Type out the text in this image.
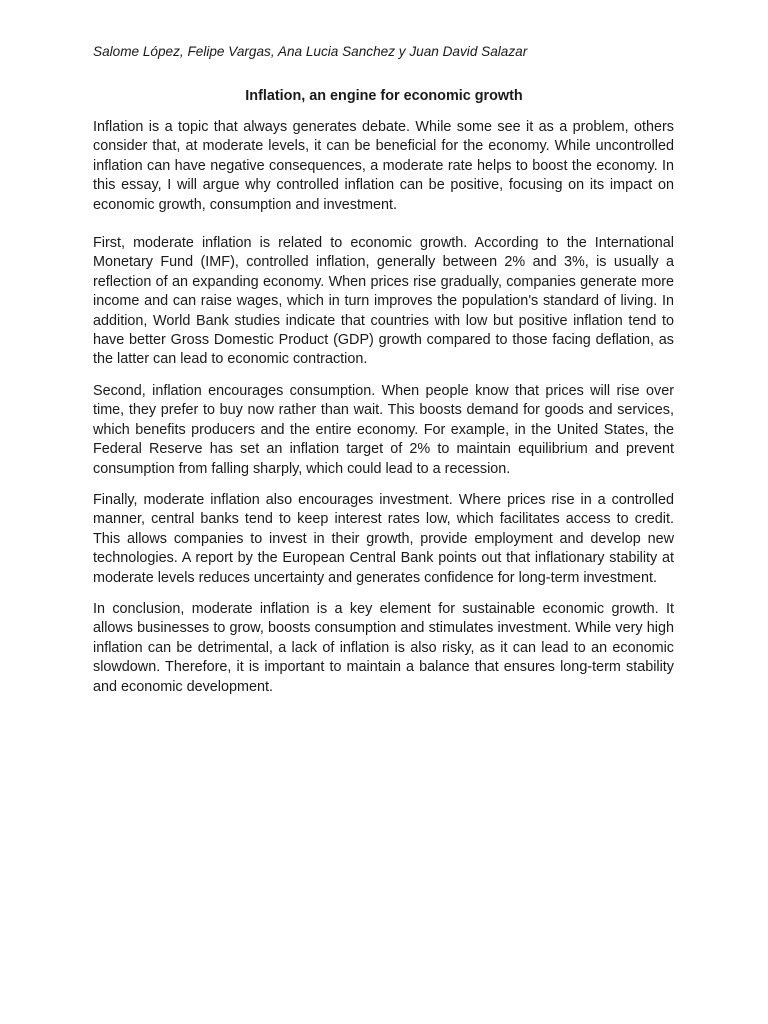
Salome López, Felipe Vargas, Ana Lucia Sanchez y Juan David Salazar
Inflation, an engine for economic growth

Inflation is a topic that always generates debate. While some see it as a problem, others consider that, at moderate levels, it can be beneficial for the economy. While uncontrolled inflation can have negative consequences, a moderate rate helps to boost the economy. In this essay, I will argue why controlled inflation can be positive, focusing on its impact on economic growth, consumption and investment.

First, moderate inflation is related to economic growth. According to the International Monetary Fund (IMF), controlled inflation, generally between 2% and 3%, is usually a reflection of an expanding economy. When prices rise gradually, companies generate more income and can raise wages, which in turn improves the population's standard of living. In addition, World Bank studies indicate that countries with low but positive inflation tend to have better Gross Domestic Product (GDP) growth compared to those facing deflation, as the latter can lead to economic contraction.

Second, inflation encourages consumption. When people know that prices will rise over time, they prefer to buy now rather than wait. This boosts demand for goods and services, which benefits producers and the entire economy. For example, in the United States, the Federal Reserve has set an inflation target of 2% to maintain equilibrium and prevent consumption from falling sharply, which could lead to a recession.

Finally, moderate inflation also encourages investment. Where prices rise in a controlled manner, central banks tend to keep interest rates low, which facilitates access to credit. This allows companies to invest in their growth, provide employment and develop new technologies. A report by the European Central Bank points out that inflationary stability at moderate levels reduces uncertainty and generates confidence for long-term investment.

In conclusion, moderate inflation is a key element for sustainable economic growth. It allows businesses to grow, boosts consumption and stimulates investment. While very high inflation can be detrimental, a lack of inflation is also risky, as it can lead to an economic slowdown. Therefore, it is important to maintain a balance that ensures long-term stability and economic development.
